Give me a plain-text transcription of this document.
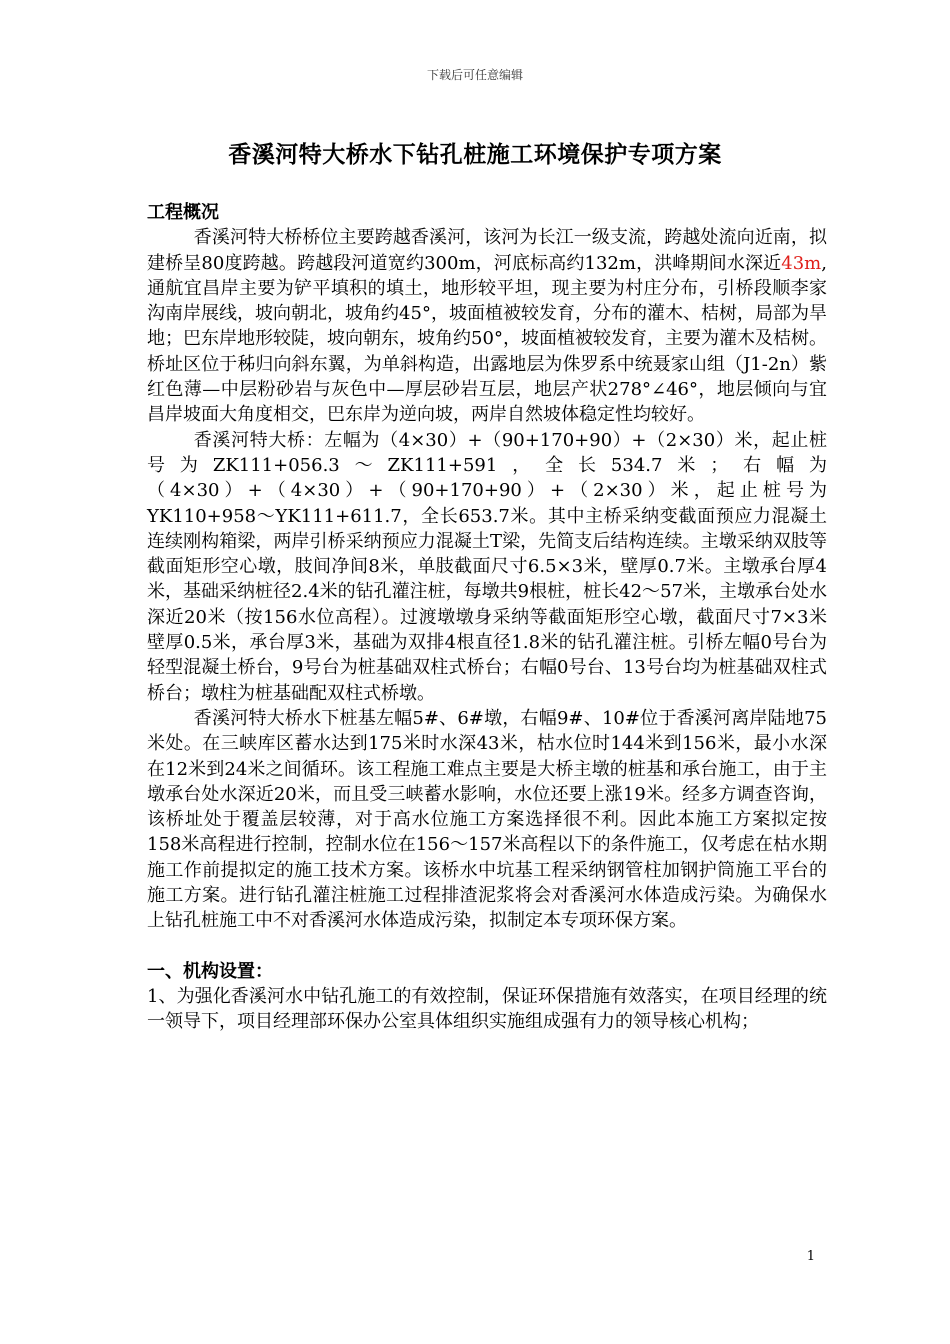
下载后可任意编辑
香溪河特大桥水下钻孔桩施工环境保护专项方案
工程概况

香溪河特大桥桥位主要跨越香溪河，该河为长江一级支流，跨越处流向近南，拟建桥呈80度跨越。跨越段河道宽约300m，河底标高约132m，洪峰期间水深近43m,通航宜昌岸主要为铲平填积的填土，地形较平坦，现主要为村庄分布，引桥段顺李家沟南岸展线，坡向朝北，坡角约45°，坡面植被较发育，分布的灌木、桔树，局部为旱地；巴东岸地形较陡，坡向朝东，坡角约50°，坡面植被较发育，主要为灌木及桔树。桥址区位于秭归向斜东翼，为单斜构造，出露地层为侏罗系中统聂家山组（J1-2n）紫红色薄—中层粉砂岩与灰色中—厚层砂岩互层，地层产状278°∠46°，地层倾向与宜昌岸坡面大角度相交，巴东岸为逆向坡，两岸自然坡体稳定性均较好。

香溪河特大桥：左幅为（4×30）+（90+170+90）+（2×30）米，起止桩号为ZK111+056.3～ZK111+591，全长534.7米；右幅为（4×30）+（4×30）+（90+170+90）+（2×30）米，起止桩号为YK110+958～YK111+611.7，全长653.7米。其中主桥采纳变截面预应力混凝土连续刚构箱梁，两岸引桥采纳预应力混凝土T梁，先简支后结构连续。主墩采纳双肢等截面矩形空心墩，肢间净间8米，单肢截面尺寸6.5×3米，壁厚0.7米。主墩承台厚4米，基础采纳桩径2.4米的钻孔灌注桩，每墩共9根桩，桩长42～57米，主墩承台处水深近20米（按156水位高程）。过渡墩墩身采纳等截面矩形空心墩，截面尺寸7×3米壁厚0.5米，承台厚3米，基础为双排4根直径1.8米的钻孔灌注桩。引桥左幅0号台为轻型混凝土桥台，9号台为桩基础双柱式桥台；右幅0号台、13号台均为桩基础双柱式桥台；墩柱为桩基础配双柱式桥墩。

香溪河特大桥水下桩基左幅5#、6#墩，右幅9#、10#位于香溪河离岸陆地75米处。在三峡库区蓄水达到175米时水深43米，枯水位时144米到156米，最小水深在12米到24米之间循环。该工程施工难点主要是大桥主墩的桩基和承台施工，由于主墩承台处水深近20米，而且受三峡蓄水影响，水位还要上涨19米。经多方调查咨询，该桥址处于覆盖层较薄，对于高水位施工方案选择很不利。因此本施工方案拟定按158米高程进行控制，控制水位在156～157米高程以下的条件施工，仅考虑在枯水期施工作前提拟定的施工技术方案。该桥水中坑基工程采纳钢管柱加钢护筒施工平台的施工方案。进行钻孔灌注桩施工过程排渣泥浆将会对香溪河水体造成污染。为确保水上钻孔桩施工中不对香溪河水体造成污染，拟制定本专项环保方案。

一、机构设置：

1、为强化香溪河水中钻孔施工的有效控制，保证环保措施有效落实，在项目经理的统一领导下，项目经理部环保办公室具体组织实施组成强有力的领导核心机构；

1
